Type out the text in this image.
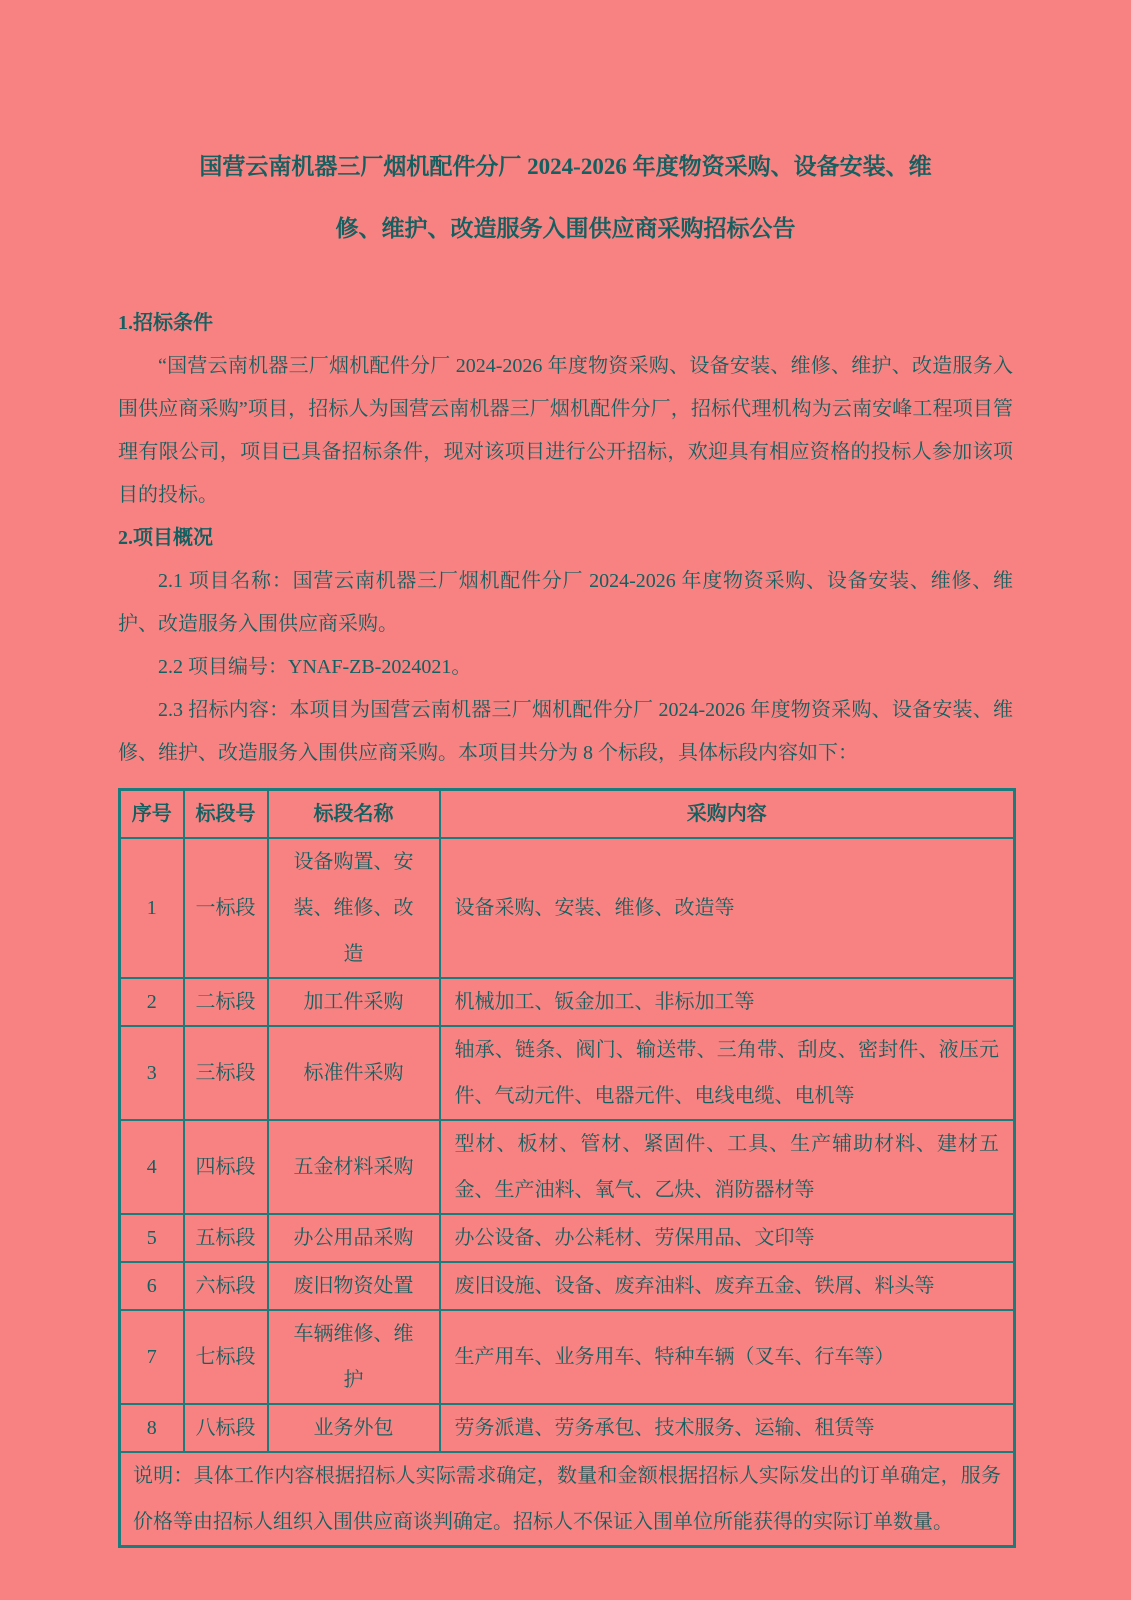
国营云南机器三厂烟机配件分厂 2024-2026 年度物资采购、设备安装、维
修、维护、改造服务入围供应商采购招标公告
1.招标条件

“国营云南机器三厂烟机配件分厂 2024-2026 年度物资采购、设备安装、维修、维护、改造服务入围供应商采购”项目，招标人为国营云南机器三厂烟机配件分厂，招标代理机构为云南安峰工程项目管理有限公司，项目已具备招标条件，现对该项目进行公开招标，欢迎具有相应资格的投标人参加该项目的投标。

2.项目概况

2.1 项目名称：国营云南机器三厂烟机配件分厂 2024-2026 年度物资采购、设备安装、维修、维护、改造服务入围供应商采购。

2.2 项目编号：YNAF-ZB-2024021。

2.3 招标内容：本项目为国营云南机器三厂烟机配件分厂 2024-2026 年度物资采购、设备安装、维修、维护、改造服务入围供应商采购。本项目共分为 8 个标段，具体标段内容如下：

序号	标段号	标段名称	采购内容
1	一标段	设备购置、安装、维修、改造	设备采购、安装、维修、改造等
2	二标段	加工件采购	机械加工、钣金加工、非标加工等
3	三标段	标准件采购	轴承、链条、阀门、输送带、三角带、刮皮、密封件、液压元件、气动元件、电器元件、电线电缆、电机等
4	四标段	五金材料采购	型材、板材、管材、紧固件、工具、生产辅助材料、建材五金、生产油料、氧气、乙炔、消防器材等
5	五标段	办公用品采购	办公设备、办公耗材、劳保用品、文印等
6	六标段	废旧物资处置	废旧设施、设备、废弃油料、废弃五金、铁屑、料头等
7	七标段	车辆维修、维护	生产用车、业务用车、特种车辆（叉车、行车等）
8	八标段	业务外包	劳务派遣、劳务承包、技术服务、运输、租赁等
说明：具体工作内容根据招标人实际需求确定，数量和金额根据招标人实际发出的订单确定，服务价格等由招标人组织入围供应商谈判确定。招标人不保证入围单位所能获得的实际订单数量。			
